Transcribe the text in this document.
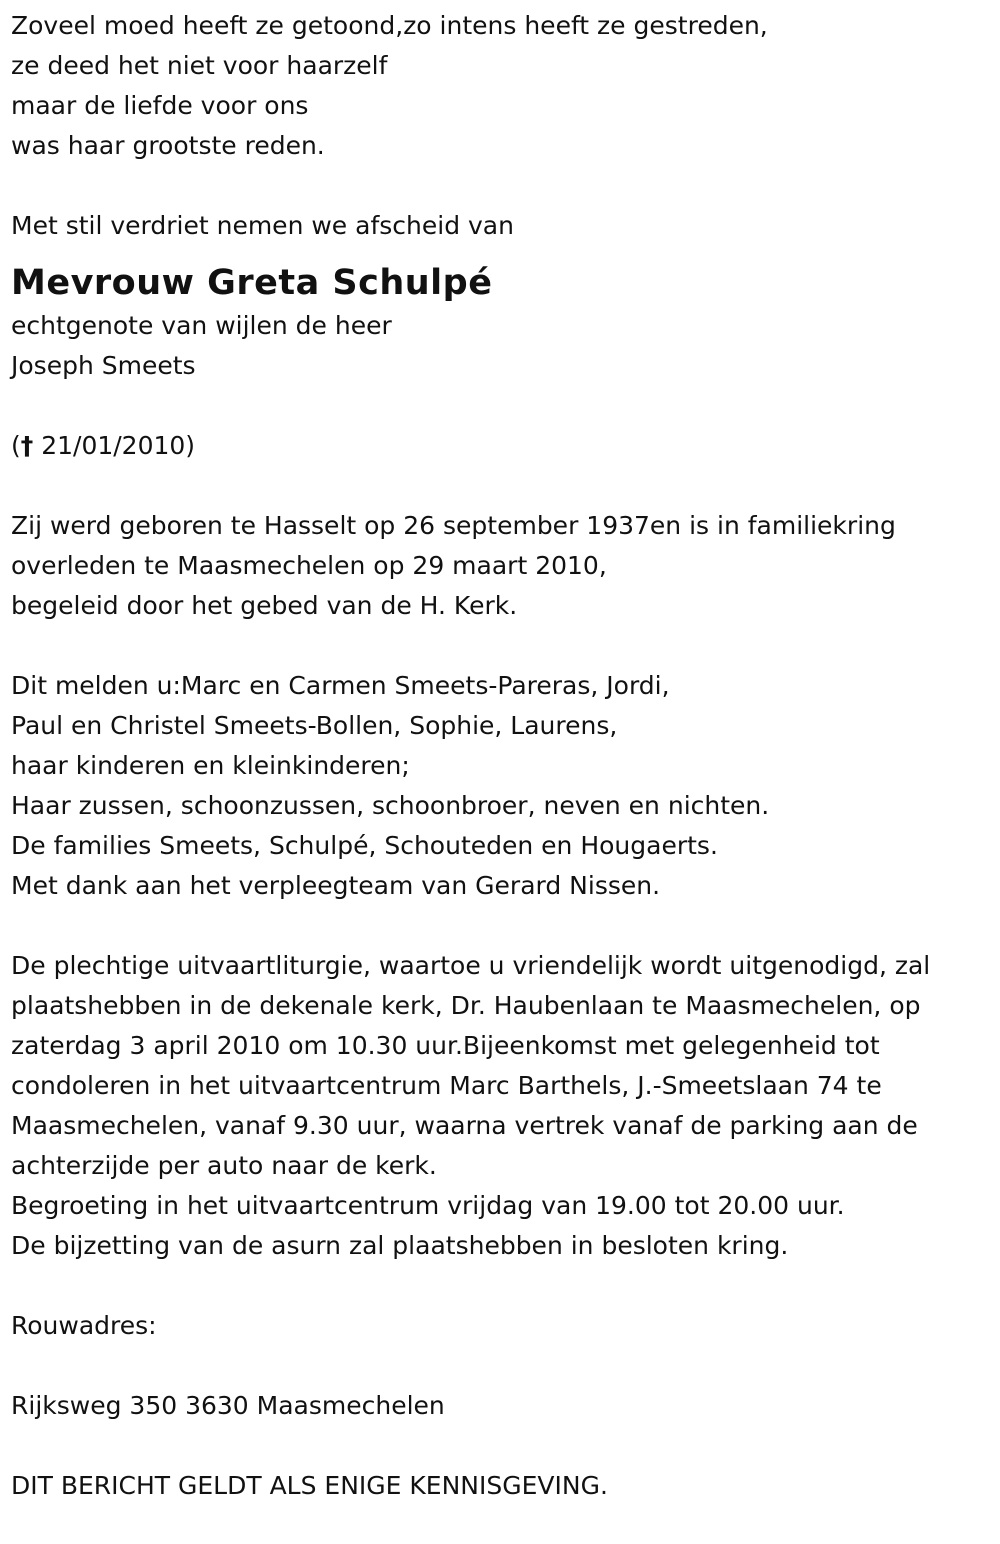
Zoveel moed heeft ze getoond,zo intens heeft ze gestreden,
ze deed het niet voor haarzelf
maar de liefde voor ons
was haar grootste reden.
Met stil verdriet nemen we afscheid van
Mevrouw Greta Schulpé
echtgenote van wijlen de heer
Joseph Smeets
(† 21/01/2010)
Zij werd geboren te Hasselt op 26 september 1937en is in familiekring
overleden te Maasmechelen op 29 maart 2010,
begeleid door het gebed van de H. Kerk.
Dit melden u:Marc en Carmen Smeets-Pareras, Jordi,
Paul en Christel Smeets-Bollen, Sophie, Laurens,
haar kinderen en kleinkinderen;
Haar zussen, schoonzussen, schoonbroer, neven en nichten.
De families Smeets, Schulpé, Schouteden en Hougaerts.
Met dank aan het verpleegteam van Gerard Nissen.
De plechtige uitvaartliturgie, waartoe u vriendelijk wordt uitgenodigd, zal
plaatshebben in de dekenale kerk, Dr. Haubenlaan te Maasmechelen, op
zaterdag 3 april 2010 om 10.30 uur.Bijeenkomst met gelegenheid tot
condoleren in het uitvaartcentrum Marc Barthels, J.-Smeetslaan 74 te
Maasmechelen, vanaf 9.30 uur, waarna vertrek vanaf de parking aan de
achterzijde per auto naar de kerk.
Begroeting in het uitvaartcentrum vrijdag van 19.00 tot 20.00 uur.
De bijzetting van de asurn zal plaatshebben in besloten kring.
Rouwadres:
Rijksweg 350 3630 Maasmechelen
DIT BERICHT GELDT ALS ENIGE KENNISGEVING.
